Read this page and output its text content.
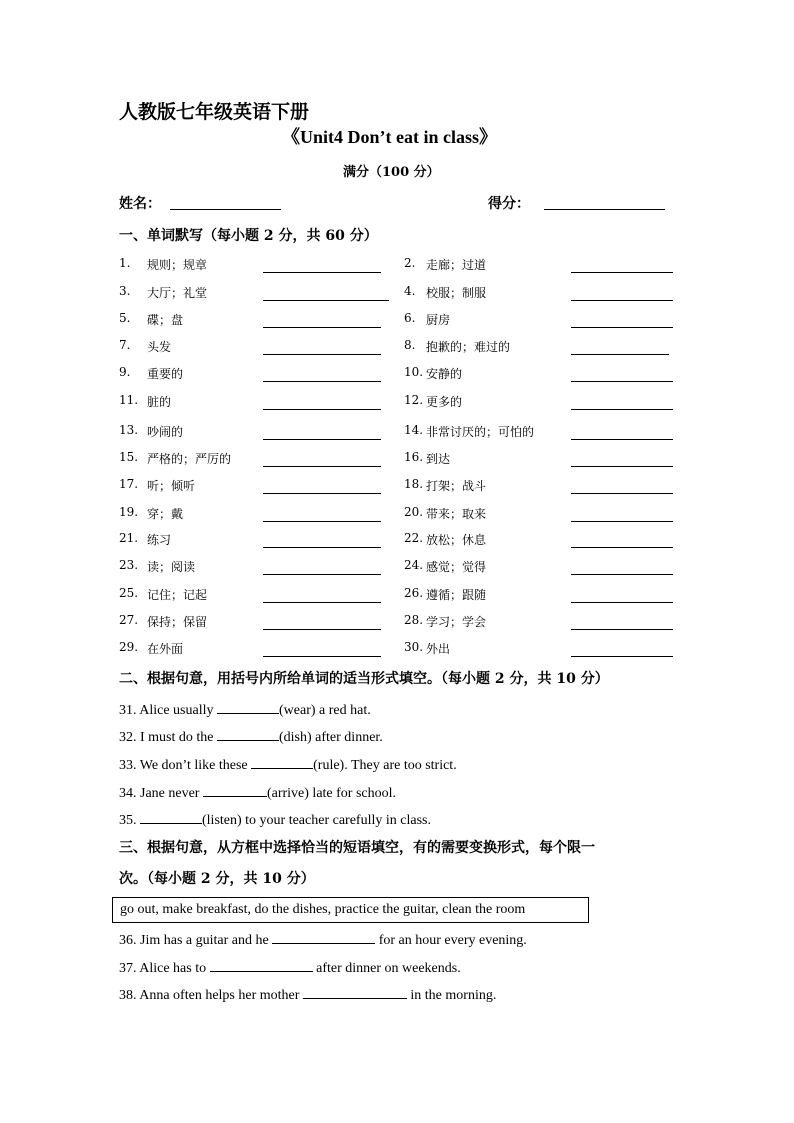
人教版七年级英语下册
《Unit4 Don’t eat in class》
满分（100 分）
姓名：	得分：
一、单词默写（每小题 2 分，共 60 分）
1. 规则；规章	2. 走廊；过道
3. 大厅；礼堂	4. 校服；制服
5. 碟；盘	6. 厨房
7. 头发	8. 抱歉的；难过的
9. 重要的	10. 安静的
11. 脏的	12. 更多的
13. 吵闹的	14. 非常讨厌的；可怕的
15. 严格的；严厉的	16. 到达
17. 听；倾听	18. 打架；战斗
19. 穿；戴	20. 带来；取来
21. 练习	22. 放松；休息
23. 读；阅读	24. 感觉；觉得
25. 记住；记起	26. 遵循；跟随
27. 保持；保留	28. 学习；学会
29. 在外面	30. 外出
二、根据句意，用括号内所给单词的适当形式填空。（每小题 2 分，共 10 分）
31. Alice usually	(wear) a red hat.
32. I must do the	(dish) after dinner.
33. We don’t like these	(rule). They are too strict.
34. Jane never	(arrive) late for school.
35.	(listen) to your teacher carefully in class.
三、根据句意，从方框中选择恰当的短语填空，有的需要变换形式，每个限一
次。（每小题 2 分，共 10 分）
go out, make breakfast, do the dishes, practice the guitar, clean the room
36. Jim has a guitar and he	for an hour every evening.
37. Alice has to	after dinner on weekends.
38. Anna often helps her mother	in the morning.
